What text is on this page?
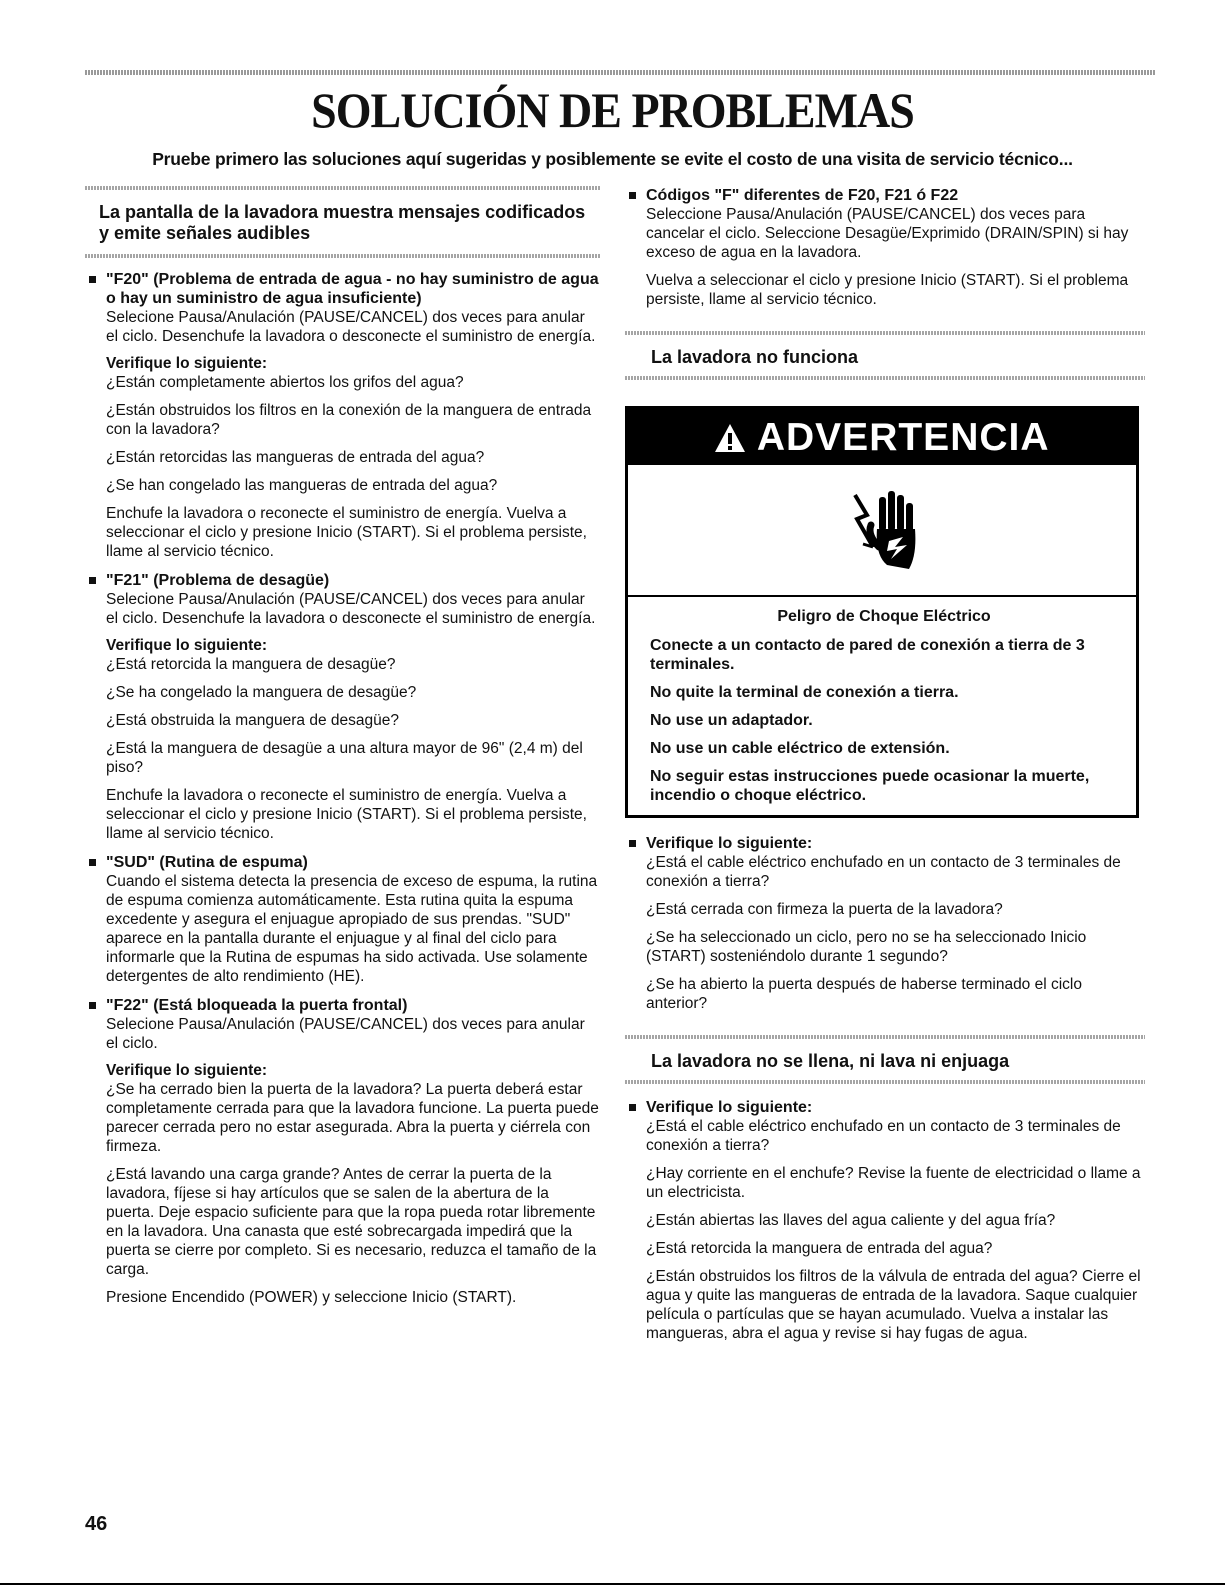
SOLUCIÓN DE PROBLEMAS
Pruebe primero las soluciones aquí sugeridas y posiblemente se evite el costo de una visita de servicio técnico...
La pantalla de la lavadora muestra mensajes codificados y emite señales audibles

"F20" (Problema de entrada de agua - no hay suministro de agua o hay un suministro de agua insuficiente)

Selecione Pausa/Anulación (PAUSE/CANCEL) dos veces para anular el ciclo. Desenchufe la lavadora o desconecte el suministro de energía.

Verifique lo siguiente:

¿Están completamente abiertos los grifos del agua?

¿Están obstruidos los filtros en la conexión de la manguera de entrada con la lavadora?

¿Están retorcidas las mangueras de entrada del agua?

¿Se han congelado las mangueras de entrada del agua?

Enchufe la lavadora o reconecte el suministro de energía. Vuelva a seleccionar el ciclo y presione Inicio (START). Si el problema persiste, llame al servicio técnico.

"F21" (Problema de desagüe)

Selecione Pausa/Anulación (PAUSE/CANCEL) dos veces para anular el ciclo. Desenchufe la lavadora o desconecte el suministro de energía.

Verifique lo siguiente:

¿Está retorcida la manguera de desagüe?

¿Se ha congelado la manguera de desagüe?

¿Está obstruida la manguera de desagüe?

¿Está la manguera de desagüe a una altura mayor de 96" (2,4 m) del piso?

Enchufe la lavadora o reconecte el suministro de energía. Vuelva a seleccionar el ciclo y presione Inicio (START). Si el problema persiste, llame al servicio técnico.

"SUD" (Rutina de espuma)

Cuando el sistema detecta la presencia de exceso de espuma, la rutina de espuma comienza automáticamente. Esta rutina quita la espuma excedente y asegura el enjuague apropiado de sus prendas. "SUD" aparece en la pantalla durante el enjuague y al final del ciclo para informarle que la Rutina de espumas ha sido activada. Use solamente detergentes de alto rendimiento (HE).

"F22" (Está bloqueada la puerta frontal)

Selecione Pausa/Anulación (PAUSE/CANCEL) dos veces para anular el ciclo.

Verifique lo siguiente:

¿Se ha cerrado bien la puerta de la lavadora? La puerta deberá estar completamente cerrada para que la lavadora funcione. La puerta puede parecer cerrada pero no estar asegurada. Abra la puerta y ciérrela con firmeza.

¿Está lavando una carga grande? Antes de cerrar la puerta de la lavadora, fíjese si hay artículos que se salen de la abertura de la puerta. Deje espacio suficiente para que la ropa pueda rotar libremente en la lavadora. Una canasta que esté sobrecargada impedirá que la puerta se cierre por completo. Si es necesario, reduzca el tamaño de la carga.

Presione Encendido (POWER) y seleccione Inicio (START).

Códigos "F" diferentes de F20, F21 ó F22

Seleccione Pausa/Anulación (PAUSE/CANCEL) dos veces para cancelar el ciclo. Seleccione Desagüe/Exprimido (DRAIN/SPIN) si hay exceso de agua en la lavadora.

Vuelva a seleccionar el ciclo y presione Inicio (START). Si el problema persiste, llame al servicio técnico.

La lavadora no funciona
ADVERTENCIA

Peligro de Choque Eléctrico

Conecte a un contacto de pared de conexión a tierra de 3 terminales.

No quite la terminal de conexión a tierra.

No use un adaptador.

No use un cable eléctrico de extensión.

No seguir estas instrucciones puede ocasionar la muerte, incendio o choque eléctrico.

Verifique lo siguiente:

¿Está el cable eléctrico enchufado en un contacto de 3 terminales de conexión a tierra?

¿Está cerrada con firmeza la puerta de la lavadora?

¿Se ha seleccionado un ciclo, pero no se ha seleccionado Inicio (START) sosteniéndolo durante 1 segundo?

¿Se ha abierto la puerta después de haberse terminado el ciclo anterior?

La lavadora no se llena, ni lava ni enjuaga

Verifique lo siguiente:

¿Está el cable eléctrico enchufado en un contacto de 3 terminales de conexión a tierra?

¿Hay corriente en el enchufe? Revise la fuente de electricidad o llame a un electricista.

¿Están abiertas las llaves del agua caliente y del agua fría?

¿Está retorcida la manguera de entrada del agua?

¿Están obstruidos los filtros de la válvula de entrada del agua? Cierre el agua y quite las mangueras de entrada de la lavadora. Saque cualquier película o partículas que se hayan acumulado. Vuelva a instalar las mangueras, abra el agua y revise si hay fugas de agua.

46
